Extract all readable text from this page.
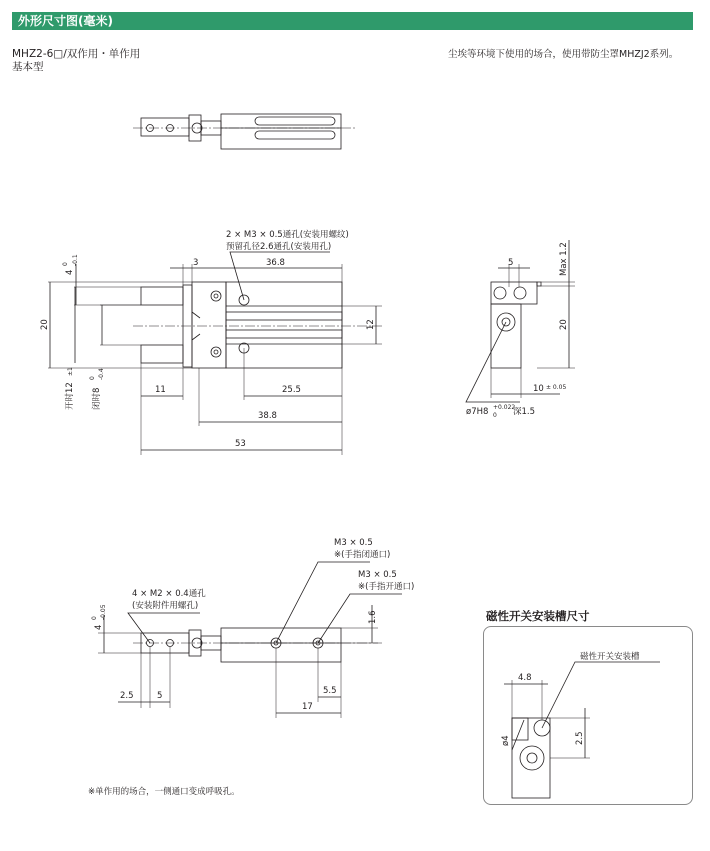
外形尺寸图(毫米)
MHZ2-6□/双作用・单作用
基本型
尘埃等环境下使用的场合，使用带防尘罩MHZJ2系列。
※单作用的场合，一侧通口变成呼吸孔。
磁性开关安装槽尺寸
2 × M3 × 0.5通孔(安装用螺纹)
预留孔径2.6通孔(安装用孔)
3	36.8
11	25.5
38.8
53
20	12
4
0 -0.1
开时12
±1
闭时8
0 -0.4
5	Max 1.2
20
10 ± 0.05
ø7H8 +0.022
0 深1.5
M3 × 0.5
※(手指闭通口)
M3 × 0.5
※(手指开通口)
4 × M2 × 0.4通孔
(安装附件用螺孔)
4
0 -0.05	1.6
2.5	5	5.5
17
磁性开关安装槽
4.8
ø4	2.5
